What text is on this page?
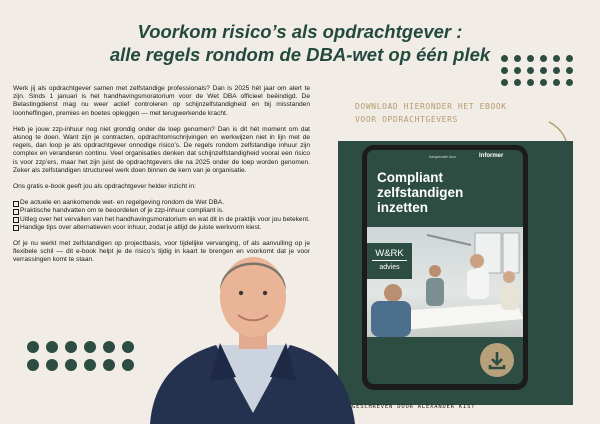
Voorkom risico’s als opdrachtgever :
alle regels rondom de DBA-wet op één plek

Werk jij als opdrachtgever samen met zelfstandige professionals? Dan is 2025 hét jaar om alert te zijn. Sinds 1 januari is het handhavingsmoratorium voor de Wet DBA officieel beëindigd. De Belastingdienst mag nu weer actief controleren op schijnzelfstandigheid en bij misstanden loonheffingen, premies en boetes opleggen — met terugwerkende kracht.

Heb je jouw zzp-inhuur nog niet grondig onder de loep genomen? Dan is dit hét moment om dat alsnog te doen. Want zijn je contracten, opdrachtomschrijvingen en werkwijzen niet in lijn met de regels, dan loop je als opdrachtgever onnodige risico’s. De regels rondom zelfstandige inhuur zijn complex en veranderen continu. Veel organisaties denken dat schijnzelfstandigheid vooral een risico is voor zzp’ers, maar het zijn juist de opdrachtgevers die na 2025 onder de loep worden genomen. Zeker als zelfstandigen structureel werk doen binnen de kern van je organisatie.

Ons gratis e-book geeft jou als opdrachtgever helder inzicht in:

De actuele en aankomende wet- en regelgeving rondom de Wet DBA.
Praktische handvatten om te beoordelen of je zzp-inhuur compliant is.
Uitleg over het vervallen van het handhavingsmoratorium en wat dit in de praktijk voor jou betekent.
Handige tips over alternatieven voor inhuur, zodat je altijd de juiste werkvorm kiest.

Of je nu werkt met zelfstandigen op projectbasis, voor tijdelijke vervanging, of als aanvulling op je flexibele schil — dit e-book helpt je de risico’s tijdig in kaart te brengen en voorkomt dat je voor verrassingen komt te staan.

DOWNLOAD HIERONDER HET EBOOK
VOOR OPDRACHTGEVERS
Aangeboden door	Informer
Compliant
zelfstandigen
inzetten
W&RK
advies
GESCHREVEN DOOR ALEXANDER KIST
